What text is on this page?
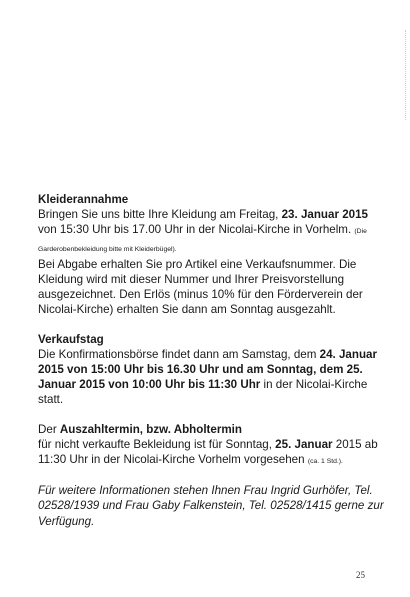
Kleiderannahme
Bringen Sie uns bitte Ihre Kleidung am Freitag, 23. Januar 2015 von 15:30 Uhr bis 17.00 Uhr in der Nicolai-Kirche in Vorhelm. (Die Garderobenbekleidung bitte mit Kleiderbügel).
Bei Abgabe erhalten Sie pro Artikel eine Verkaufsnummer. Die Kleidung wird mit dieser Nummer und Ihrer Preisvorstellung ausgezeichnet. Den Erlös (minus 10% für den Förderverein der Nicolai-Kirche) erhalten Sie dann am Sonntag ausgezahlt.

Verkaufstag
Die Konfirmationsbörse findet dann am Samstag, dem 24. Januar 2015 von 15:00 Uhr bis 16.30 Uhr und am Sonntag, dem 25. Januar 2015 von 10:00 Uhr bis 11:30 Uhr in der Nicolai-Kirche statt.

Der Auszahltermin, bzw. Abholtermin
für nicht verkaufte Bekleidung ist für Sonntag, 25. Januar 2015 ab 11:30 Uhr in der Nicolai-Kirche Vorhelm vorgesehen (ca. 1 Std.).

Für weitere Informationen stehen Ihnen Frau Ingrid Gurhöfer, Tel. 02528/1939 und Frau Gaby Falkenstein, Tel. 02528/1415 gerne zur Verfügung.

25
